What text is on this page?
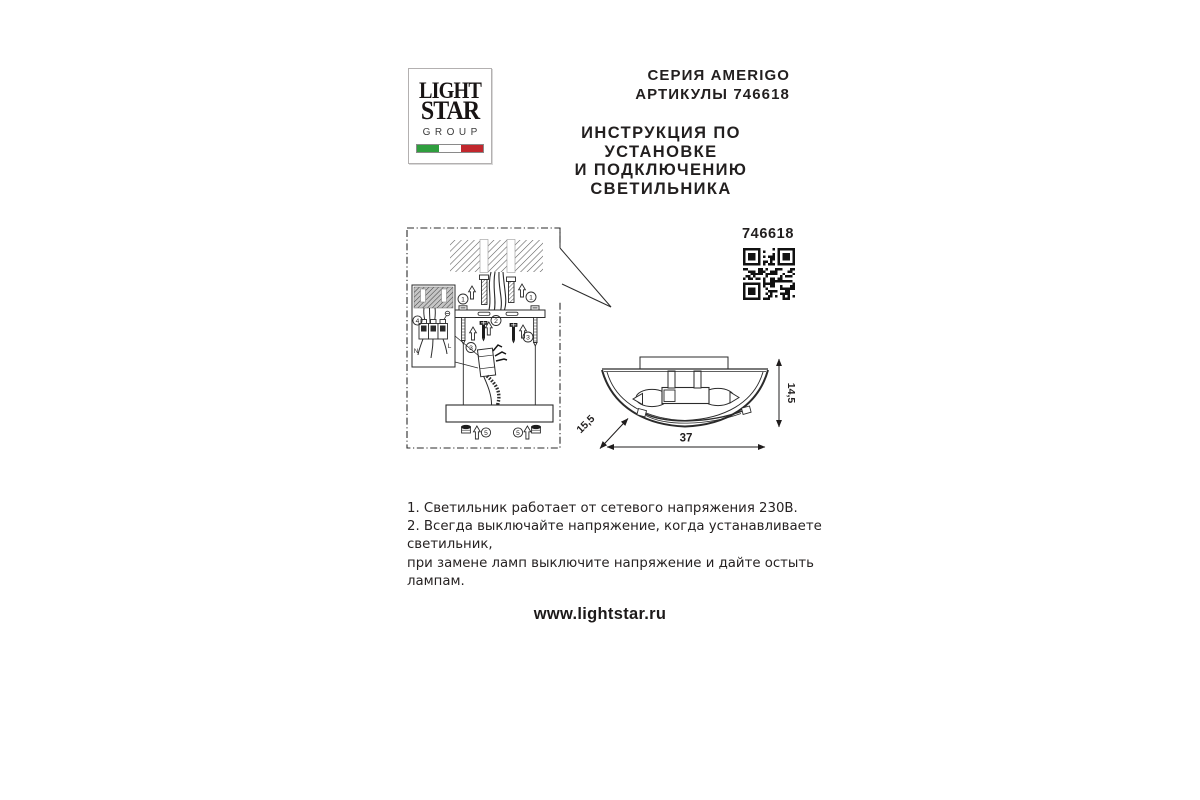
LIGHT
STAR
GROUP
СЕРИЯ AMERIGO
АРТИКУЛЫ 746618
ИНСТРУКЦИЯ ПО УСТАНОВКЕ
И ПОДКЛЮЧЕНИЮ СВЕТИЛЬНИКА
746618
1	1
2
3
3
N
L
4
5	5
14,5
37
15,5
1. Светильник работает от сетевого напряжения 230В.
2. Всегда выключайте напряжение, когда устанавливаете светильник,
при замене ламп выключите напряжение и дайте остыть лампам.
www.lightstar.ru
